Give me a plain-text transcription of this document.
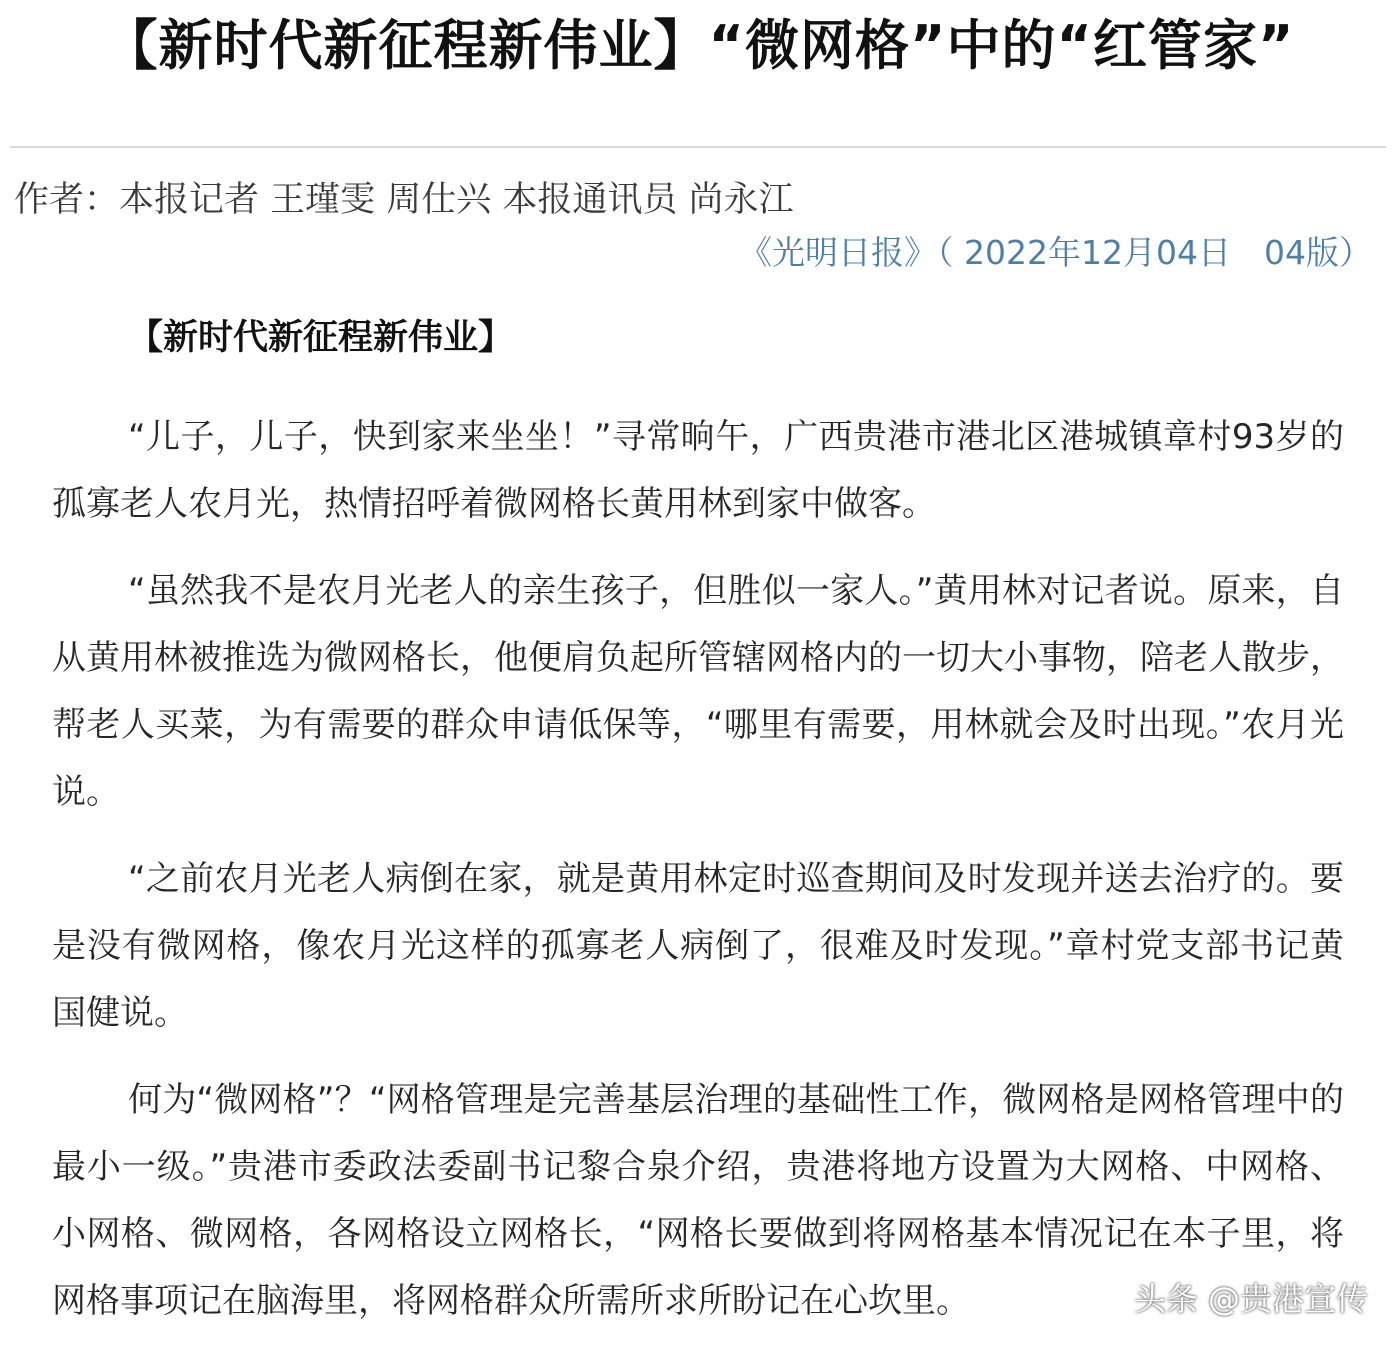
【新时代新征程新伟业】“微网格”中的“红管家”
作者：本报记者 王瑾雯 周仕兴 本报通讯员 尚永江
《光明日报》（ 2022年12月04日　04版）
【新时代新征程新伟业】

“儿子，儿子，快到家来坐坐！”寻常晌午，广西贵港市港北区港城镇章村93岁的孤寡老人农月光，热情招呼着微网格长黄用林到家中做客。

“虽然我不是农月光老人的亲生孩子，但胜似一家人。”黄用林对记者说。原来，自从黄用林被推选为微网格长，他便肩负起所管辖网格内的一切大小事物，陪老人散步，帮老人买菜，为有需要的群众申请低保等，“哪里有需要，用林就会及时出现。”农月光说。

“之前农月光老人病倒在家，就是黄用林定时巡查期间及时发现并送去治疗的。要是没有微网格，像农月光这样的孤寡老人病倒了，很难及时发现。”章村党支部书记黄国健说。

何为“微网格”？“网格管理是完善基层治理的基础性工作，微网格是网格管理中的最小一级。”贵港市委政法委副书记黎合泉介绍，贵港将地方设置为大网格、中网格、小网格、微网格，各网格设立网格长，“网格长要做到将网格基本情况记在本子里，将网格事项记在脑海里，将网格群众所需所求所盼记在心坎里。	头条 @贵港宣传
